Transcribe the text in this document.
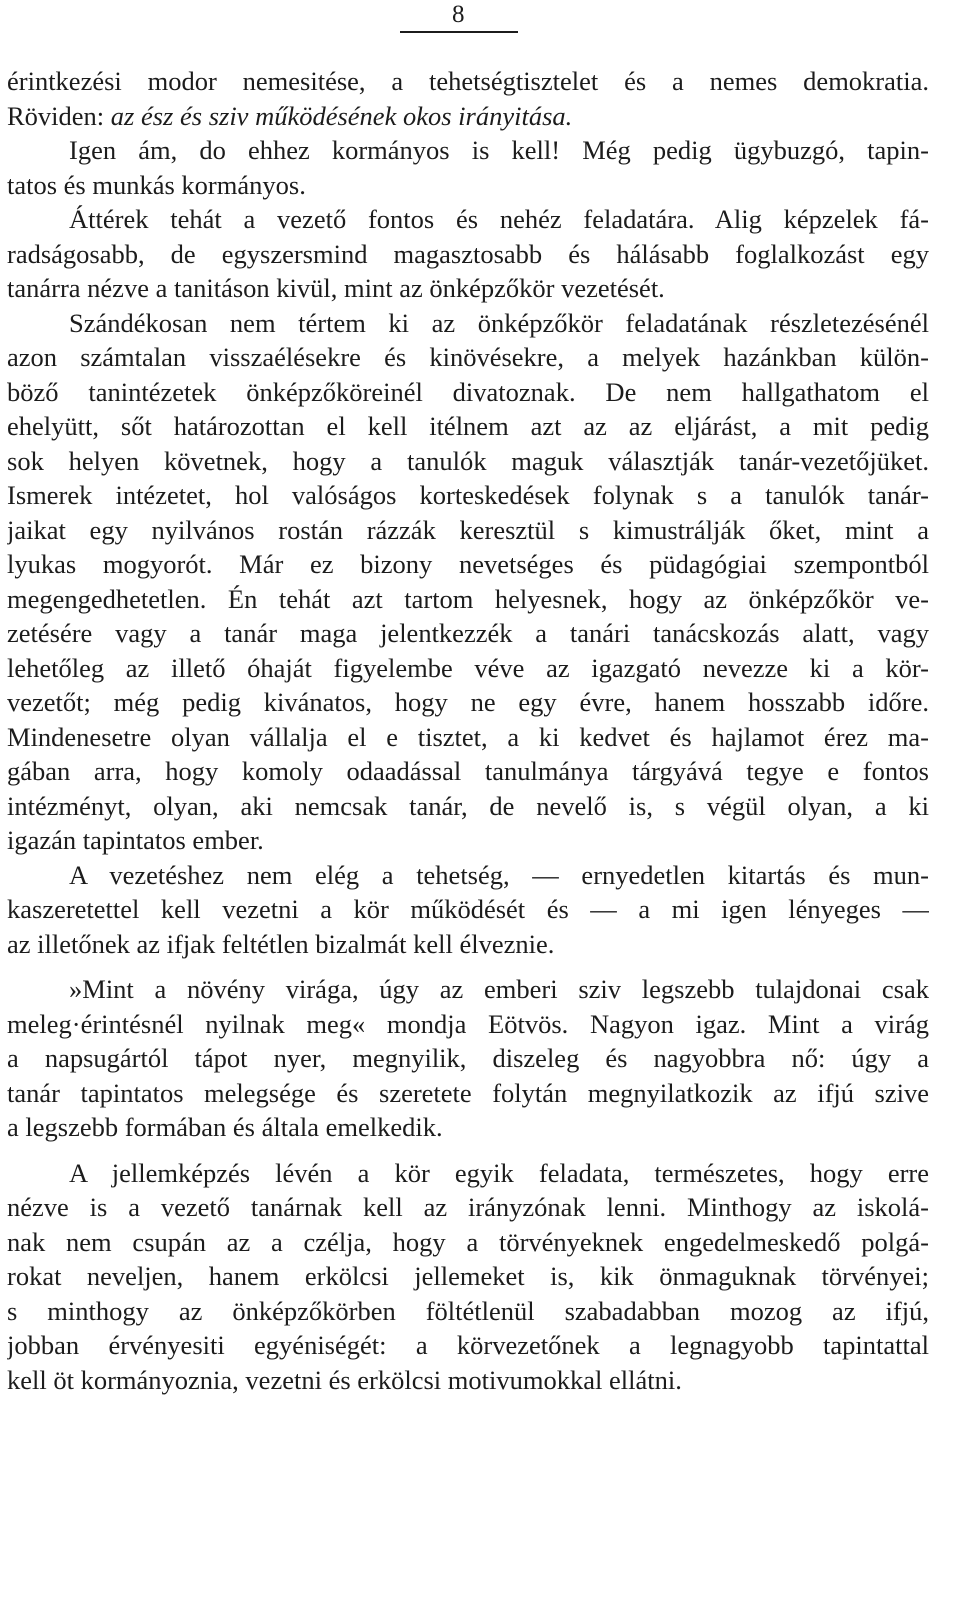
8
érintkezési modor nemesitése, a tehetségtisztelet és a nemes demokratia.
Röviden: az ész és sziv működésének okos irányitása.
Igen ám, do ehhez kormányos is kell! Még pedig ügybuzgó, tapin-
tatos és munkás kormányos.
Áttérek tehát a vezető fontos és nehéz feladatára. Alig képzelek fá-
radságosabb, de egyszersmind magasztosabb és hálásabb foglalkozást egy
tanárra nézve a tanitáson kivül, mint az önképzőkör vezetését.
Szándékosan nem tértem ki az önképzőkör feladatának részletezésénél
azon számtalan visszaélésekre és kinövésekre, a melyek hazánkban külön-
böző tanintézetek önképzőköreinél divatoznak. De nem hallgathatom el
ehelyütt, sőt határozottan el kell itélnem azt az az eljárást, a mit pedig
sok helyen követnek, hogy a tanulók maguk választják tanár-vezetőjüket.
Ismerek intézetet, hol valóságos korteskedések folynak s a tanulók tanár-
jaikat egy nyilvános rostán rázzák keresztül s kimustrálják őket, mint a
lyukas mogyorót. Már ez bizony nevetséges és püdagógiai szempontból
megengedhetetlen. Én tehát azt tartom helyesnek, hogy az önképzőkör ve-
zetésére vagy a tanár maga jelentkezzék a tanári tanácskozás alatt, vagy
lehetőleg az illető óhaját figyelembe véve az igazgató nevezze ki a kör-
vezetőt; még pedig kivánatos, hogy ne egy évre, hanem hosszabb időre.
Mindenesetre olyan vállalja el e tisztet, a ki kedvet és hajlamot érez ma-
gában arra, hogy komoly odaadással tanulmánya tárgyává tegye e fontos
intézményt, olyan, aki nemcsak tanár, de nevelő is, s végül olyan, a ki
igazán tapintatos ember.
A vezetéshez nem elég a tehetség, — ernyedetlen kitartás és mun-
kaszeretettel kell vezetni a kör működését és — a mi igen lényeges —
az illetőnek az ifjak feltétlen bizalmát kell élveznie.
»Mint a növény virága, úgy az emberi sziv legszebb tulajdonai csak
meleg·érintésnél nyilnak meg« mondja Eötvös. Nagyon igaz. Mint a virág
a napsugártól tápot nyer, megnyilik, diszeleg és nagyobbra nő: úgy a
tanár tapintatos melegsége és szeretete folytán megnyilatkozik az ifjú szive
a legszebb formában és általa emelkedik.
A jellemképzés lévén a kör egyik feladata, természetes, hogy erre
nézve is a vezető tanárnak kell az irányzónak lenni. Minthogy az iskolá-
nak nem csupán az a czélja, hogy a törvényeknek engedelmeskedő polgá-
rokat neveljen, hanem erkölcsi jellemeket is, kik önmaguknak törvényei;
s minthogy az önképzőkörben föltétlenül szabadabban mozog az ifjú,
jobban érvényesiti egyéniségét: a körvezetőnek a legnagyobb tapintattal
kell öt kormányoznia, vezetni és erkölcsi motivumokkal ellátni.
